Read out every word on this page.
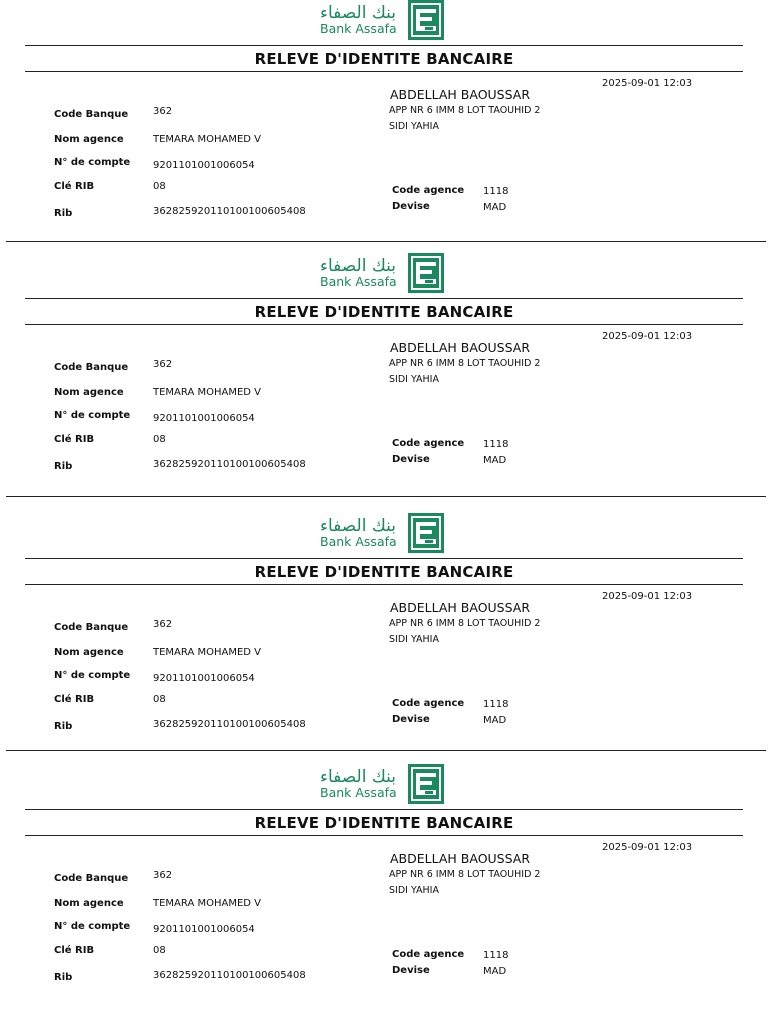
بنك الصفاء
Bank Assafa
RELEVE D'IDENTITE BANCAIRE
2025-09-01 12:03
ABDELLAH BAOUSSAR
APP NR 6 IMM 8 LOT TAOUHID 2
SIDI YAHIA
Code Banque 362
Nom agence	TEMARA MOHAMED V
N° de compte 9201101001006054
Clé RIB	08
Rib	362825920110100100605408
Code agence 1118
Devise	MAD
بنك الصفاء
Bank Assafa
RELEVE D'IDENTITE BANCAIRE
2025-09-01 12:03
ABDELLAH BAOUSSAR
APP NR 6 IMM 8 LOT TAOUHID 2
SIDI YAHIA
Code Banque 362
Nom agence	TEMARA MOHAMED V
N° de compte 9201101001006054
Clé RIB	08
Rib	362825920110100100605408
Code agence 1118
Devise	MAD
بنك الصفاء
Bank Assafa
RELEVE D'IDENTITE BANCAIRE
2025-09-01 12:03
ABDELLAH BAOUSSAR
APP NR 6 IMM 8 LOT TAOUHID 2
SIDI YAHIA
Code Banque 362
Nom agence	TEMARA MOHAMED V
N° de compte 9201101001006054
Clé RIB	08
Rib	362825920110100100605408
Code agence 1118
Devise	MAD
بنك الصفاء
Bank Assafa
RELEVE D'IDENTITE BANCAIRE
2025-09-01 12:03
ABDELLAH BAOUSSAR
APP NR 6 IMM 8 LOT TAOUHID 2
SIDI YAHIA
Code Banque 362
Nom agence	TEMARA MOHAMED V
N° de compte 9201101001006054
Clé RIB	08
Rib	362825920110100100605408
Code agence 1118
Devise	MAD
